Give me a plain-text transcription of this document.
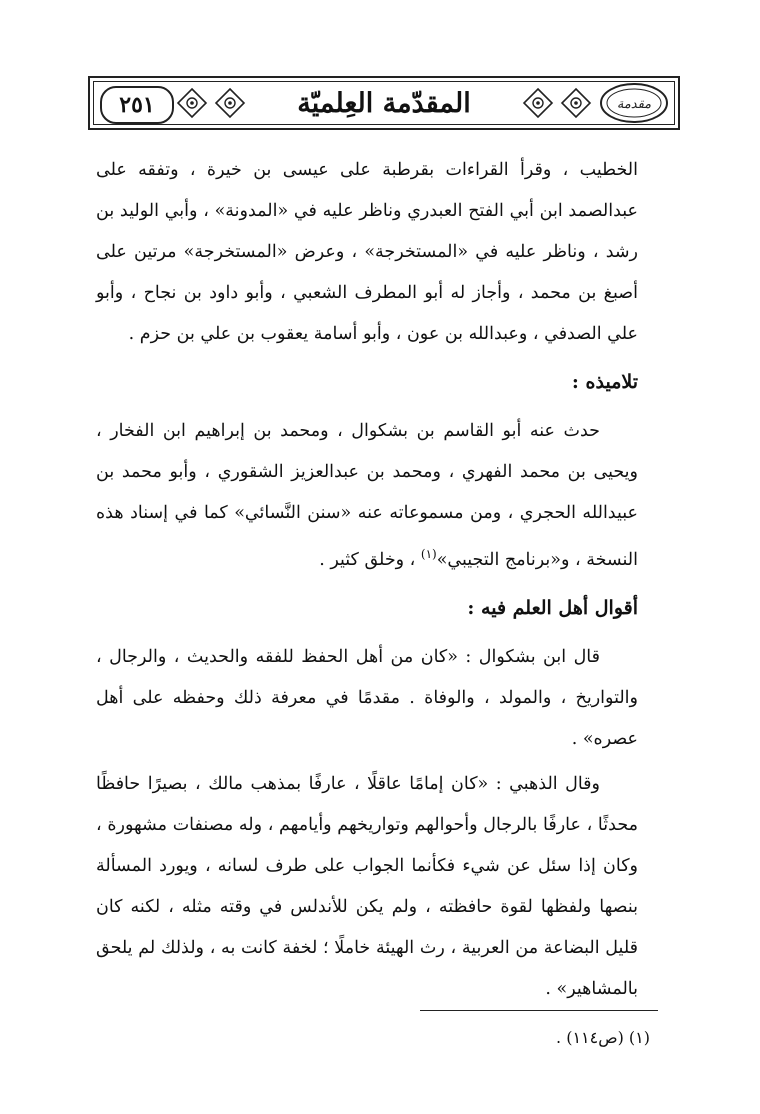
٢٥١	مقدمة
المقدّمة العِلميّة

الخطيب ، وقرأ القراءات بقرطبة على عيسى بن خيرة ، وتفقه على عبدالصمد ابن أبي الفتح العبدري وناظر عليه في «المدونة» ، وأبي الوليد بن رشد ، وناظر عليه في «المستخرجة» ، وعرض «المستخرجة» مرتين على أصبغ بن محمد ، وأجاز له أبو المطرف الشعبي ، وأبو داود بن نجاح ، وأبو علي الصدفي ، وعبدالله بن عون ، وأبو أسامة يعقوب بن علي بن حزم .

تلاميذه :

حدث عنه أبو القاسم بن بشكوال ، ومحمد بن إبراهيم ابن الفخار ، ويحيى بن محمد الفهري ، ومحمد بن عبدالعزيز الشقوري ، وأبو محمد بن عبيدالله الحجري ، ومن مسموعاته عنه «سنن النَّسائي» كما في إسناد هذه النسخة ، و«برنامج التجيبي»$^{(١)}$ ، وخلق كثير .

أقوال أهل العلم فيه :

قال ابن بشكوال : «كان من أهل الحفظ للفقه والحديث ، والرجال ، والتواريخ ، والمولد ، والوفاة . مقدمًا في معرفة ذلك وحفظه على أهل عصره» .

وقال الذهبي : «كان إمامًا عاقلًا ، عارفًا بمذهب مالك ، بصيرًا حافظًا محدثًا ، عارفًا بالرجال وأحوالهم وتواريخهم وأيامهم ، وله مصنفات مشهورة ، وكان إذا سئل عن شيء فكأنما الجواب على طرف لسانه ، ويورد المسألة بنصها ولفظها لقوة حافظته ، ولم يكن للأندلس في وقته مثله ، لكنه كان قليل البضاعة من العربية ، رث الهيئة خاملًا ؛ لخفة كانت به ، ولذلك لم يلحق بالمشاهير» .

(١) (ص١١٤) .
